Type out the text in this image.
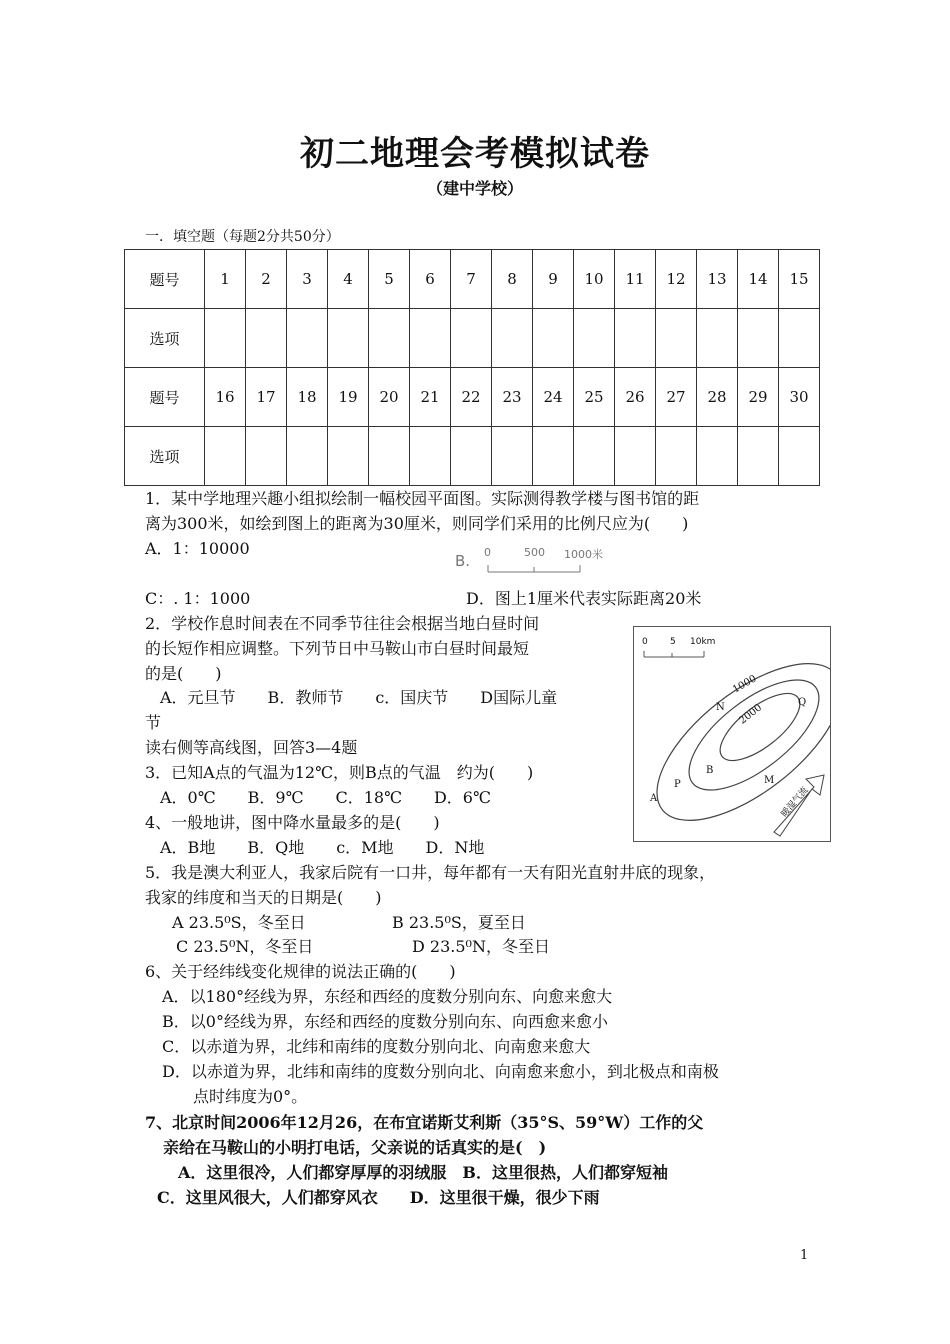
初二地理会考模拟试卷
（建中学校）
一．填空题（每题2分共50分）
题号	1	2	3	4	5	6	7	8	9	10	11	12	13	14	15
选项															
题号	16	17	18	19	20	21	22	23	24	25	26	27	28	29	30
选项															
1．某中学地理兴趣小组拟绘制一幅校园平面图。实际测得教学楼与图书馆的距
离为300米，如绘到图上的距离为30厘米，则同学们采用的比例尺应为(　　)
A．1：10000
B. 0	500 1000米
C：. 1：1000	D．图上1厘米代表实际距离20米
2．学校作息时间表在不同季节往往会根据当地白昼时间
的长短作相应调整。下列节日中马鞍山市白昼时间最短
的是(　　)
A．元旦节　　B．教师节　　c．国庆节　　D国际儿童
节
0 5 10km
1000
2000
N	Q
B
P
A
M
暖湿气流
读右侧等高线图，回答3—4题
3．已知A点的气温为12℃，则B点的气温　约为(　　)
A．0℃　　B．9℃　　C．18℃　　D．6℃
4、一般地讲，图中降水量最多的是(　　)
A．B地　　B．Q地　　c．M地　　D．N地
5．我是澳大利亚人，我家后院有一口井，每年都有一天有阳光直射井底的现象，
我家的纬度和当天的日期是(　　)
A 23.5⁰S，冬至日	B 23.5⁰S，夏至日
C 23.5⁰N，冬至日	D 23.5⁰N，冬至日
6、关于经纬线变化规律的说法正确的(　　)
A．以180°经线为界，东经和西经的度数分别向东、向愈来愈大
B．以0°经线为界，东经和西经的度数分别向东、向西愈来愈小
C．以赤道为界，北纬和南纬的度数分别向北、向南愈来愈大
D．以赤道为界，北纬和南纬的度数分别向北、向南愈来愈小，到北极点和南极
点时纬度为0°。
7、北京时间2006年12月26，在布宜诺斯艾利斯（35°S、59°W）工作的父
亲给在马鞍山的小明打电话，父亲说的话真实的是(　)
A．这里很冷，人们都穿厚厚的羽绒服　B．这里很热，人们都穿短袖
C．这里风很大，人们都穿风衣　　D．这里很干燥，很少下雨
1
